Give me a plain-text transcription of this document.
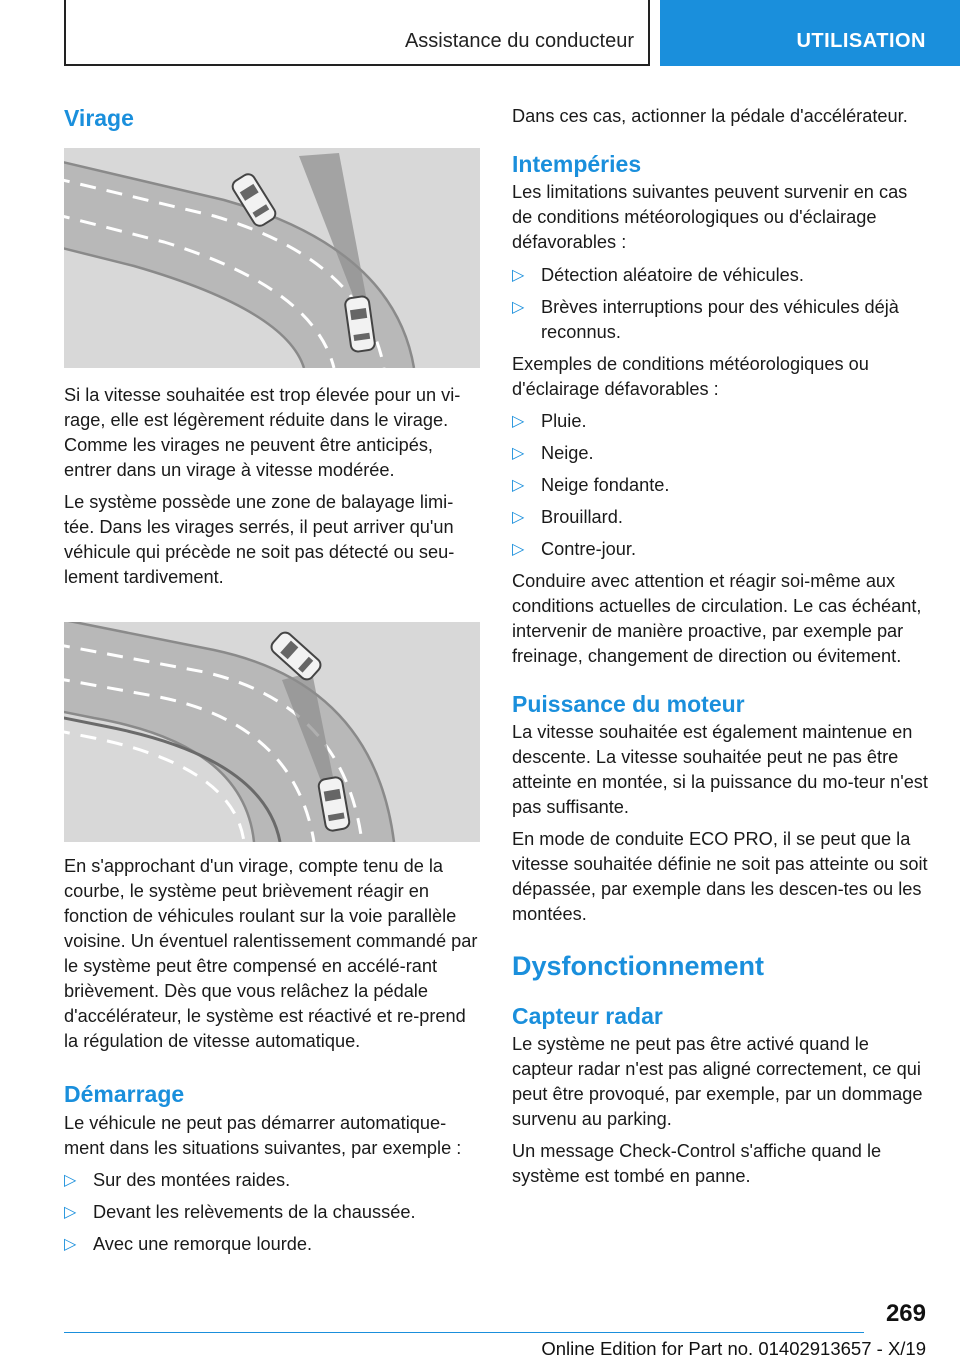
Assistance du conducteur	UTILISATION
Virage

Si la vitesse souhaitée est trop élevée pour un vi-rage, elle est légèrement réduite dans le virage. Comme les virages ne peuvent être anticipés, entrer dans un virage à vitesse modérée.

Le système possède une zone de balayage limi-tée. Dans les virages serrés, il peut arriver qu'un véhicule qui précède ne soit pas détecté ou seu-lement tardivement.

En s'approchant d'un virage, compte tenu de la courbe, le système peut brièvement réagir en fonction de véhicules roulant sur la voie parallèle voisine. Un éventuel ralentissement commandé par le système peut être compensé en accélé-rant brièvement. Dès que vous relâchez la pédale d'accélérateur, le système est réactivé et re-prend la régulation de vitesse automatique.

Démarrage

Le véhicule ne peut pas démarrer automatique-ment dans les situations suivantes, par exemple :

▷ Sur des montées raides.
▷ Devant les relèvements de la chaussée.
▷ Avec une remorque lourde.

Dans ces cas, actionner la pédale d'accélérateur.

Intempéries

Les limitations suivantes peuvent survenir en cas de conditions météorologiques ou d'éclairage défavorables :

▷ Détection aléatoire de véhicules.
▷ Brèves interruptions pour des véhicules déjà reconnus.

Exemples de conditions météorologiques ou d'éclairage défavorables :

▷ Pluie.
▷ Neige.
▷ Neige fondante.
▷ Brouillard.
▷ Contre-jour.

Conduire avec attention et réagir soi-même aux conditions actuelles de circulation. Le cas échéant, intervenir de manière proactive, par exemple par freinage, changement de direction ou évitement.

Puissance du moteur

La vitesse souhaitée est également maintenue en descente. La vitesse souhaitée peut ne pas être atteinte en montée, si la puissance du mo-teur n'est pas suffisante.

En mode de conduite ECO PRO, il se peut que la vitesse souhaitée définie ne soit pas atteinte ou soit dépassée, par exemple dans les descen-tes ou les montées.

Dysfonctionnement
Capteur radar

Le système ne peut pas être activé quand le capteur radar n'est pas aligné correctement, ce qui peut être provoqué, par exemple, par un dommage survenu au parking.

Un message Check-Control s'affiche quand le système est tombé en panne.

269
Online Edition for Part no. 01402913657 - X/19
